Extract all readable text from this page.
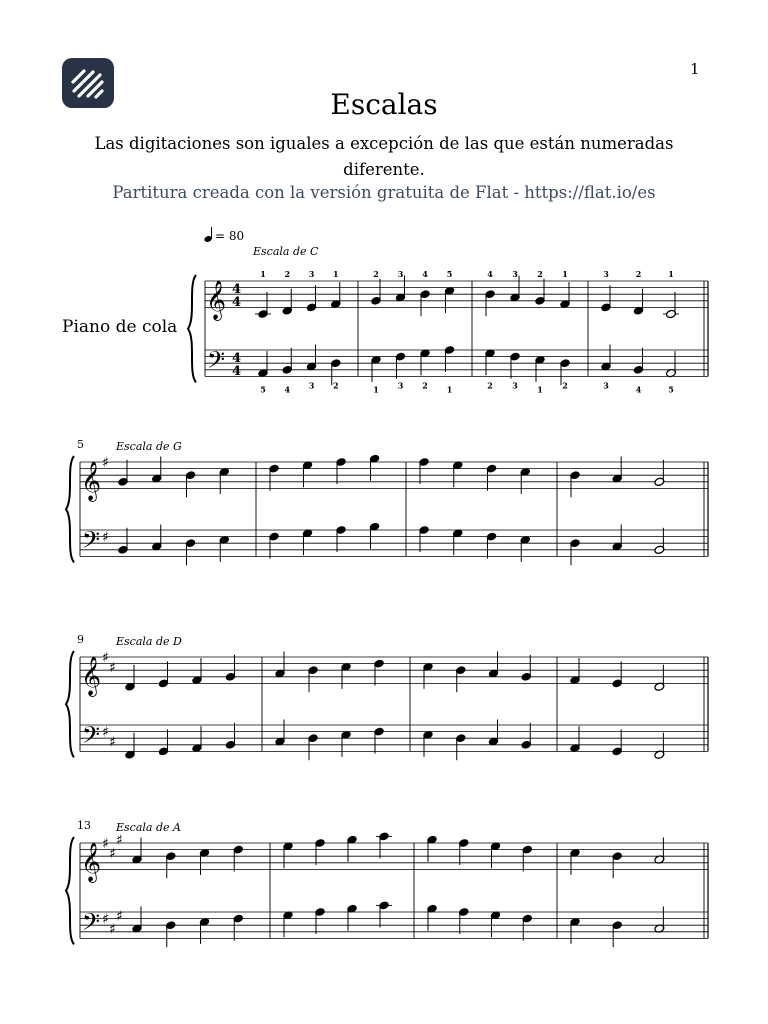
1
Escalas
Las digitaciones son iguales a excepción de las que están numeradas diferente.
Partitura creada con la versión gratuita de Flat - https://flat.io/es
Piano de cola
𝄞
𝄢
4
4
4
4
Escala de C
1
5
2
4
3
3
1
2
2
1
3
3
4
2
5
1
4
2
3
3
2
1
1
2
3
3
2
4
1
5
𝄞
𝄢
♯
♯
5	Escala de G
𝄞
𝄢
♯
♯
♯
♯
9	Escala de D
𝄞
𝄢
♯
♯
♯
♯
♯
♯
13 Escala de A
= 80
